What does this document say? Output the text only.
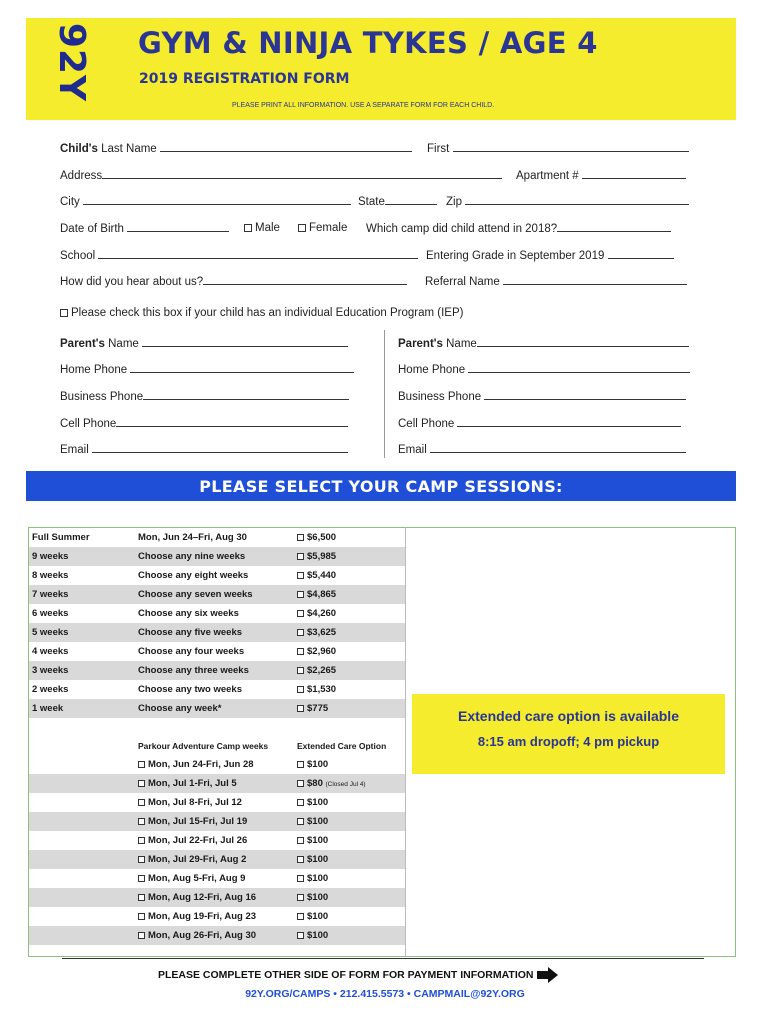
92Y GYM & NINJA TYKES / AGE 4
2019 REGISTRATION FORM
PLEASE PRINT ALL INFORMATION. USE A SEPARATE FORM FOR EACH CHILD.
Child's Last Name	First
Address	Apartment #
City	State	Zip
Date of Birth	Male	Female Which camp did child attend in 2018?
School	Entering Grade in September 2019
How did you hear about us?	Referral Name
Please check this box if your child has an individual Education Program (IEP)
Parent's Name
Home Phone
Business Phone
Cell Phone
Email
Parent's Name
Home Phone
Business Phone
Cell Phone
Email
PLEASE SELECT YOUR CAMP SESSIONS:
Full Summer	Mon, Jun 24–Fri, Aug 30	$6,500
9 weeks	Choose any nine weeks	$5,985
8 weeks	Choose any eight weeks	$5,440
7 weeks	Choose any seven weeks	$4,865
6 weeks	Choose any six weeks	$4,260
5 weeks	Choose any five weeks	$3,625
4 weeks	Choose any four weeks	$2,960
3 weeks	Choose any three weeks	$2,265
2 weeks	Choose any two weeks	$1,530
1 week	Choose any week*	$775
Parkour Adventure Camp weeks	Extended Care Option
Mon, Jun 24-Fri, Jun 28	$100
Mon, Jul 1-Fri, Jul 5	$80 (Closed Jul 4)
Mon, Jul 8-Fri, Jul 12	$100
Mon, Jul 15-Fri, Jul 19	$100
Mon, Jul 22-Fri, Jul 26	$100
Mon, Jul 29-Fri, Aug 2	$100
Mon, Aug 5-Fri, Aug 9	$100
Mon, Aug 12-Fri, Aug 16	$100
Mon, Aug 19-Fri, Aug 23	$100
Mon, Aug 26-Fri, Aug 30	$100
Extended care option is available
8:15 am dropoff; 4 pm pickup
PLEASE COMPLETE OTHER SIDE OF FORM FOR PAYMENT INFORMATION
92Y.ORG/CAMPS • 212.415.5573 • CAMPMAIL@92Y.ORG
